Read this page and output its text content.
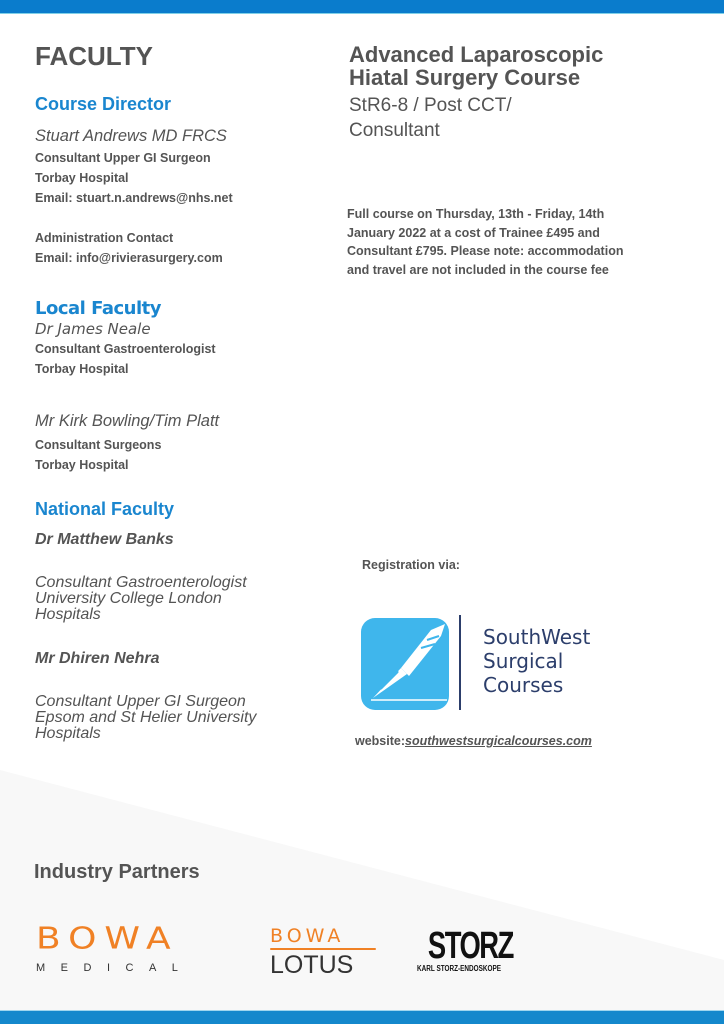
FACULTY
Course Director
Stuart Andrews MD FRCS
Consultant Upper GI Surgeon
Torbay Hospital
Email: stuart.n.andrews@nhs.net
Administration Contact
Email: info@rivierasurgery.com
Local Faculty
Dr James Neale
Consultant Gastroenterologist
Torbay Hospital
Mr Kirk Bowling/Tim Platt
Consultant Surgeons
Torbay Hospital
National Faculty
Dr Matthew Banks
Consultant Gastroenterologist
University College London
Hospitals
Mr Dhiren Nehra
Consultant Upper GI Surgeon
Epsom and St Helier University
Hospitals
Advanced Laparoscopic
Hiatal Surgery Course
StR6-8 / Post CCT/
Consultant
Full course on Thursday, 13th - Friday, 14th January 2022 at a cost of Trainee £495 and Consultant £795. Please note: accommodation and travel are not included in the course fee
Registration via:
SouthWest
Surgical
Courses
website:southwestsurgicalcourses.com
Industry Partners
BOWA
MEDICAL
BOWA
LOTUS	STORZ
KARL STORZ-ENDOSKOPE
